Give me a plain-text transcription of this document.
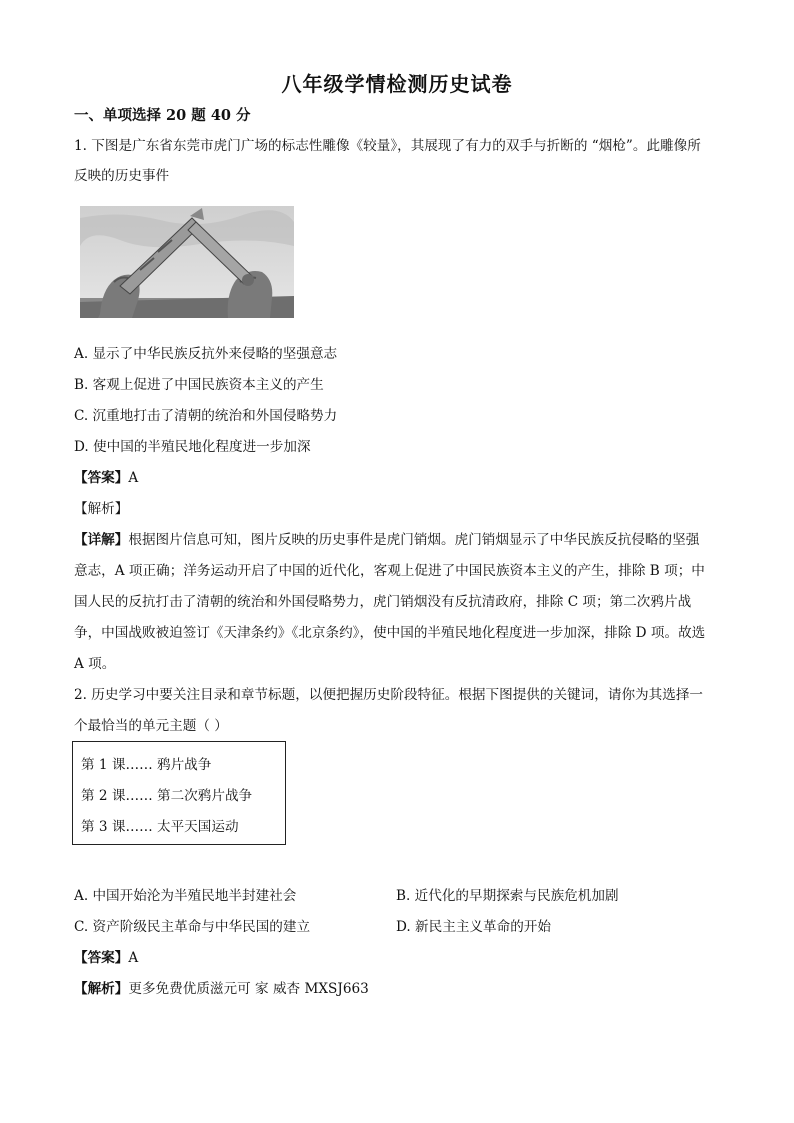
八年级学情检测历史试卷
一、单项选择 20 题 40 分
1. 下图是广东省东莞市虎门广场的标志性雕像《较量》，其展现了有力的双手与折断的 “烟枪”。此雕像所
反映的历史事件
A. 显示了中华民族反抗外来侵略的坚强意志
B. 客观上促进了中国民族资本主义的产生
C. 沉重地打击了清朝的统治和外国侵略势力
D. 使中国的半殖民地化程度进一步加深
【答案】A
【解析】
【详解】根据图片信息可知，图片反映的历史事件是虎门销烟。虎门销烟显示了中华民族反抗侵略的坚强
意志，A 项正确；洋务运动开启了中国的近代化，客观上促进了中国民族资本主义的产生，排除 B 项；中
国人民的反抗打击了清朝的统治和外国侵略势力，虎门销烟没有反抗清政府，排除 C 项；第二次鸦片战
争，中国战败被迫签订《天津条约》《北京条约》，使中国的半殖民地化程度进一步加深，排除 D 项。故选
A 项。
2. 历史学习中要关注目录和章节标题，以便把握历史阶段特征。根据下图提供的关键词，请你为其选择一
个最恰当的单元主题（ ）
第 1 课…… 鸦片战争
第 2 课…… 第二次鸦片战争
第 3 课…… 太平天国运动
A. 中国开始沦为半殖民地半封建社会	B. 近代化的早期探索与民族危机加剧
C. 资产阶级民主革命与中华民国的建立	D. 新民主主义革命的开始
【答案】A
【解析】更多免费优质滋元可 家 威杏 MXSJ663
